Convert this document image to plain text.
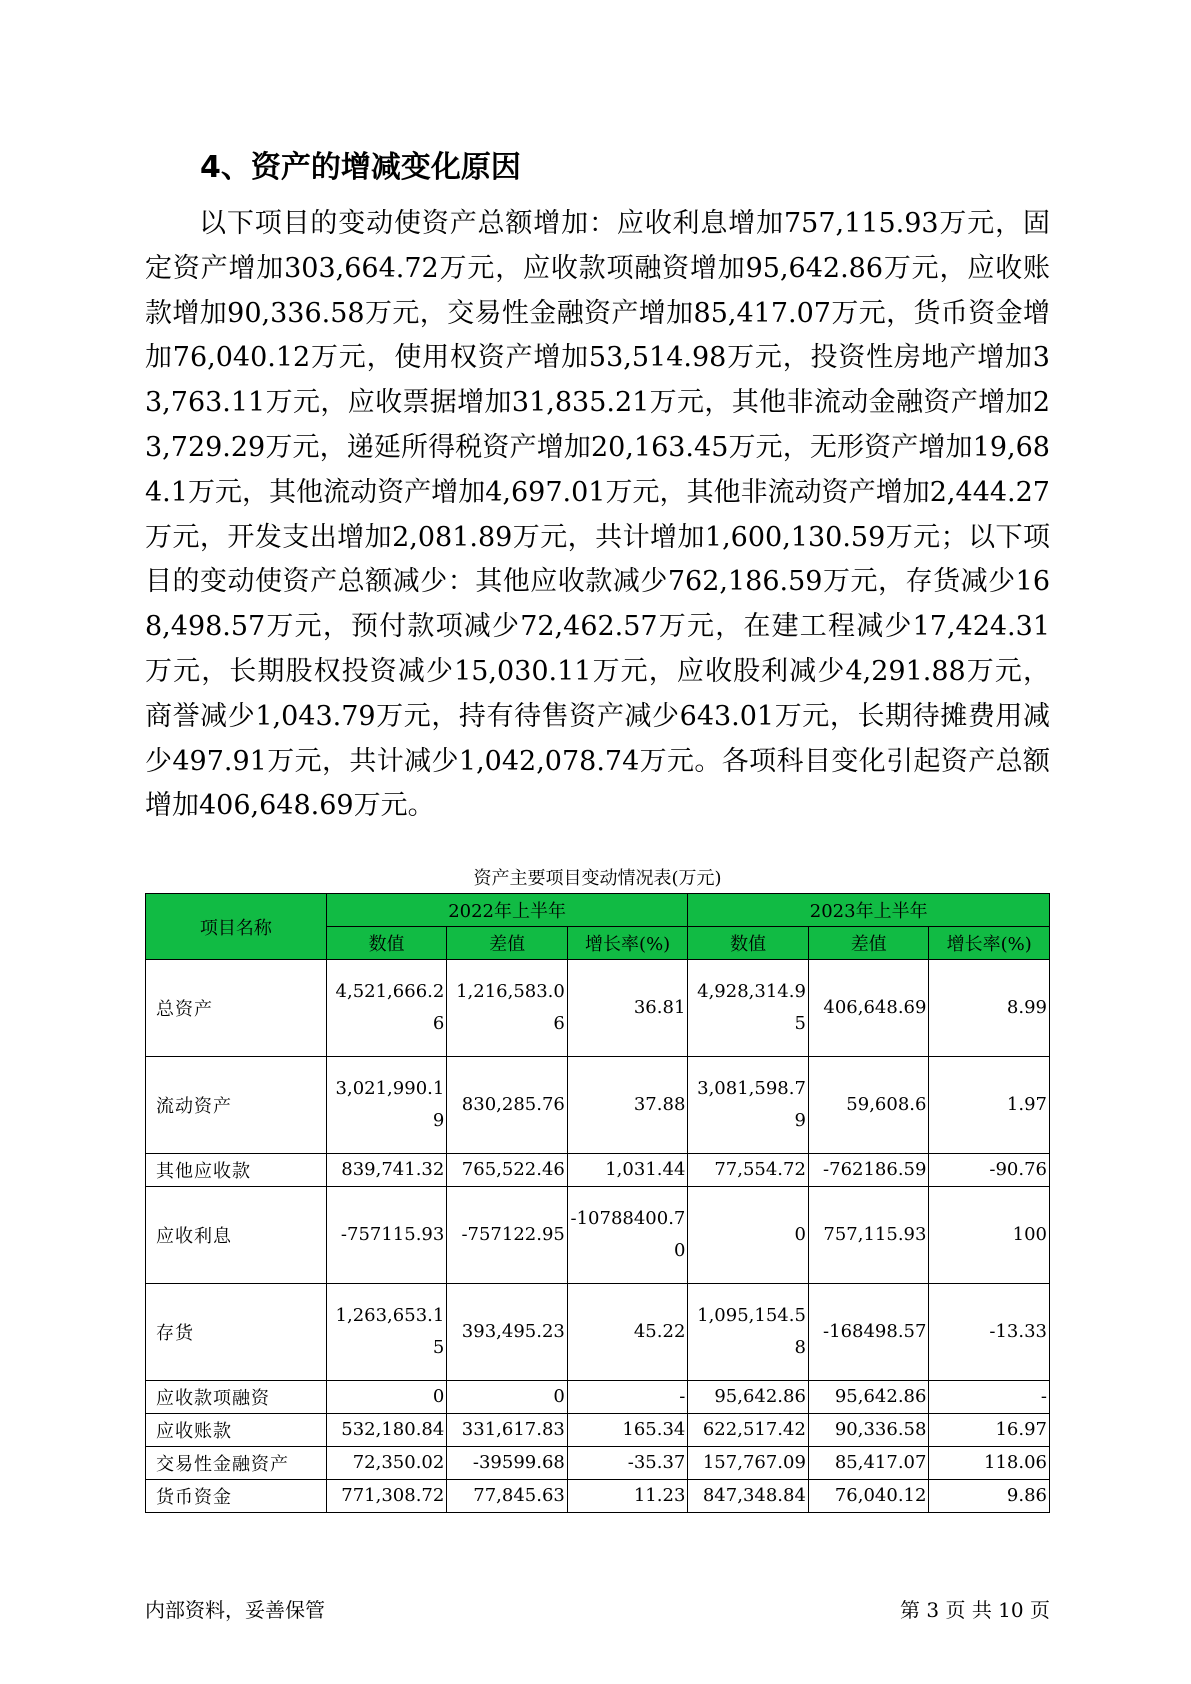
4、资产的增减变化原因

以下项目的变动使资产总额增加：应收利息增加757,115.93万元，固定资产增加303,664.72万元，应收款项融资增加95,642.86万元，应收账款增加90,336.58万元，交易性金融资产增加85,417.07万元，货币资金增加76,040.12万元，使用权资产增加53,514.98万元，投资性房地产增加33,763.11万元，应收票据增加31,835.21万元，其他非流动金融资产增加23,729.29万元，递延所得税资产增加20,163.45万元，无形资产增加19,684.1万元，其他流动资产增加4,697.01万元，其他非流动资产增加2,444.27万元，开发支出增加2,081.89万元，共计增加1,600,130.59万元；以下项目的变动使资产总额减少：其他应收款减少762,186.59万元，存货减少168,498.57万元，预付款项减少72,462.57万元，在建工程减少17,424.31万元，长期股权投资减少15,030.11万元，应收股利减少4,291.88万元，商誉减少1,043.79万元，持有待售资产减少643.01万元，长期待摊费用减少497.91万元，共计减少1,042,078.74万元。各项科目变化引起资产总额增加406,648.69万元。

资产主要项目变动情况表(万元)
项目名称	2022年上半年			2023年上半年		
	数值	差值	增长率(%)	数值	差值	增长率(%)
总资产	4,521,666.26	1,216,583.06	36.81	4,928,314.95	406,648.69	8.99
流动资产	3,021,990.19	830,285.76	37.88	3,081,598.79	59,608.6	1.97
其他应收款	839,741.32	765,522.46	1,031.44	77,554.72	-762186.59	-90.76
应收利息	-757115.93	-757122.95	-10788400.70	0	757,115.93	100
存货	1,263,653.15	393,495.23	45.22	1,095,154.58	-168498.57	-13.33
应收款项融资	0	0	-	95,642.86	95,642.86	-
应收账款	532,180.84	331,617.83	165.34	622,517.42	90,336.58	16.97
交易性金融资产	72,350.02	-39599.68	-35.37	157,767.09	85,417.07	118.06
货币资金	771,308.72	77,845.63	11.23	847,348.84	76,040.12	9.86
内部资料，妥善保管	第 3 页 共 10 页
